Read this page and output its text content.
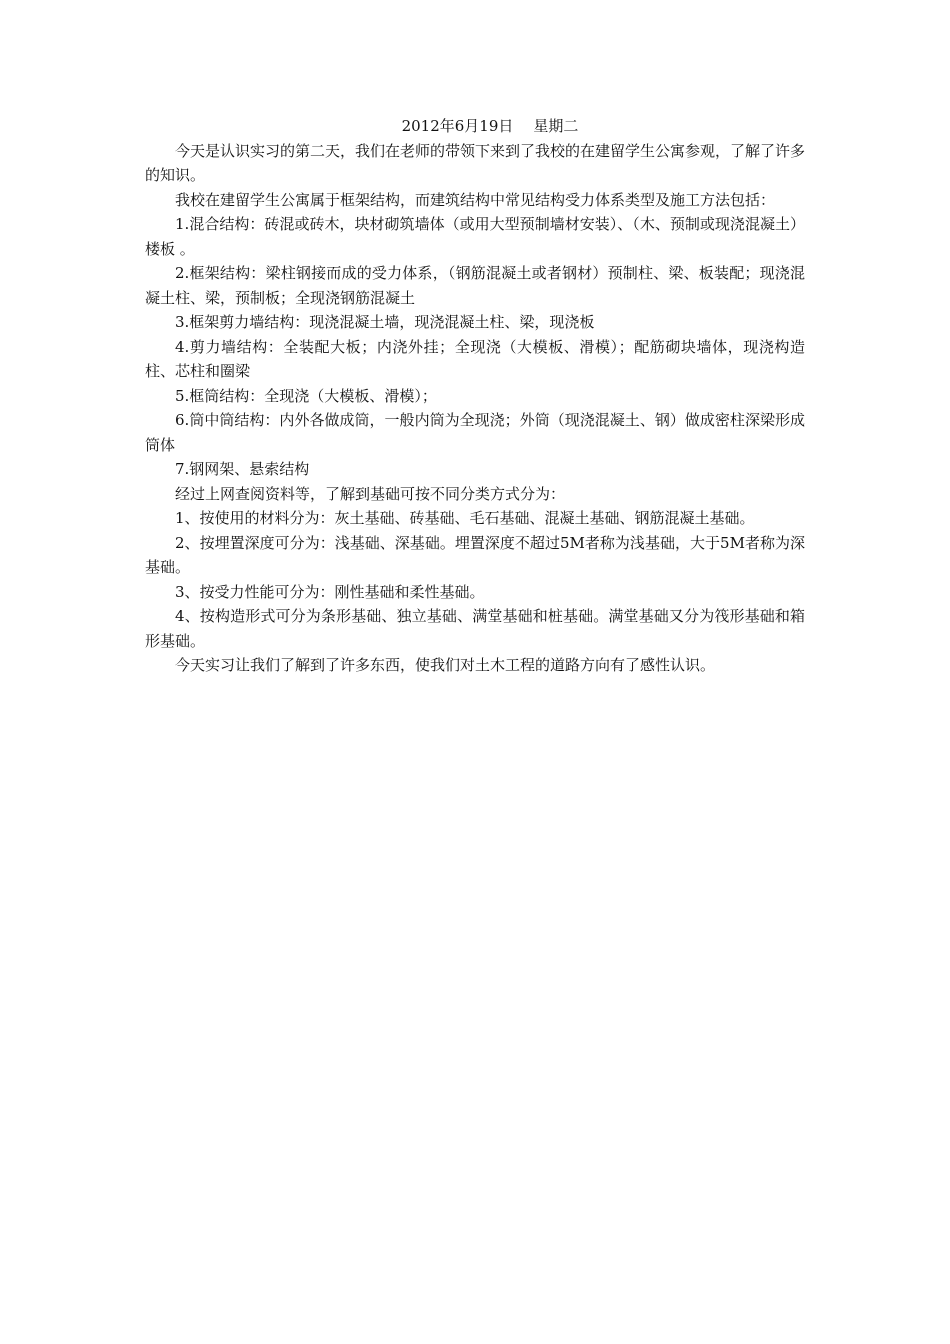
2012年6月19日 星期二

今天是认识实习的第二天，我们在老师的带领下来到了我校的在建留学生公寓参观，了解了许多的知识。

我校在建留学生公寓属于框架结构，而建筑结构中常见结构受力体系类型及施工方法包括：

1.混合结构：砖混或砖木，块材砌筑墙体（或用大型预制墙材安装）、（木、预制或现浇混凝土）楼板 。

2.框架结构：梁柱钢接而成的受力体系，（钢筋混凝土或者钢材）预制柱、梁、板装配；现浇混凝土柱、梁，预制板；全现浇钢筋混凝土

3.框架剪力墙结构：现浇混凝土墙，现浇混凝土柱、梁，现浇板

4.剪力墙结构：全装配大板；内浇外挂；全现浇（大模板、滑模）；配筋砌块墙体，现浇构造柱、芯柱和圈梁

5.框筒结构：全现浇（大模板、滑模）；

6.筒中筒结构：内外各做成筒，一般内筒为全现浇；外筒（现浇混凝土、钢）做成密柱深梁形成筒体

7.钢网架、悬索结构

经过上网查阅资料等，了解到基础可按不同分类方式分为：

1、按使用的材料分为：灰土基础、砖基础、毛石基础、混凝土基础、钢筋混凝土基础。

2、按埋置深度可分为：浅基础、深基础。埋置深度不超过5M者称为浅基础，大于5M者称为深基础。

3、按受力性能可分为：刚性基础和柔性基础。

4、按构造形式可分为条形基础、独立基础、满堂基础和桩基础。满堂基础又分为筏形基础和箱形基础。

今天实习让我们了解到了许多东西，使我们对土木工程的道路方向有了感性认识。
